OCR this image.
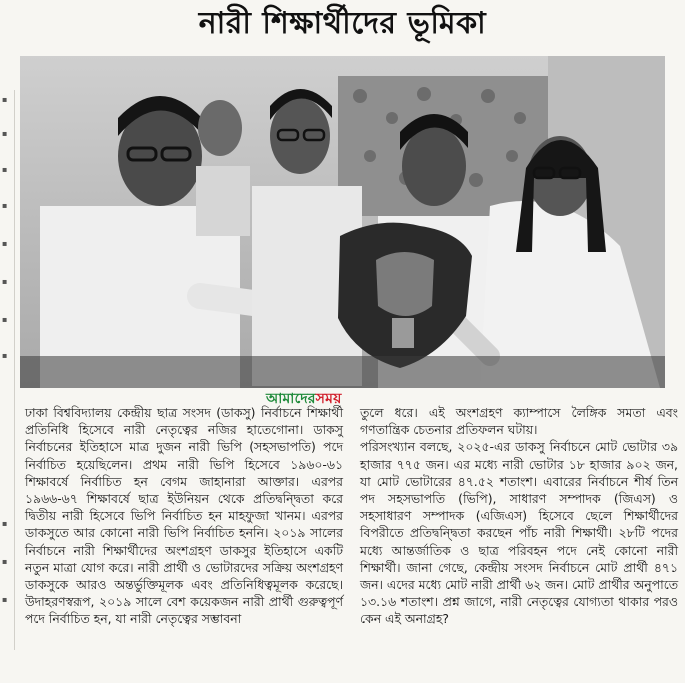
▪
▪
▪
▪
▪
▪
▪
▪
▪
▪
▪
নারী শিক্ষার্থীদের ভূমিকা
আমাদেরসময়

ঢাকা বিশ্ববিদ্যালয় কেন্দ্রীয় ছাত্র সংসদ (ডাকসু) নির্বাচনে শিক্ষার্থী প্রতিনিধি হিসেবে নারী নেতৃত্বের নজির হাতেগোনা। ডাকসু নির্বাচনের ইতিহাসে মাত্র দুজন নারী ভিপি (সহসভাপতি) পদে নির্বাচিত হয়েছিলেন। প্রথম নারী ভিপি হিসেবে ১৯৬০-৬১ শিক্ষাবর্ষে নির্বাচিত হন বেগম জাহানারা আক্তার। এরপর ১৯৬৬-৬৭ শিক্ষাবর্ষে ছাত্র ইউনিয়ন থেকে প্রতিদ্বন্দ্বিতা করে দ্বিতীয় নারী হিসেবে ভিপি নির্বাচিত হন মাহফুজা খানম। এরপর ডাকসুতে আর কোনো নারী ভিপি নির্বাচিত হননি। ২০১৯ সালের নির্বাচনে নারী শিক্ষার্থীদের অংশগ্রহণ ডাকসুর ইতিহাসে একটি নতুন মাত্রা যোগ করে। নারী প্রার্থী ও ভোটারদের সক্রিয় অংশগ্রহণ ডাকসুকে আরও অন্তর্ভুক্তিমূলক এবং প্রতিনিধিত্বমূলক করেছে। উদাহরণস্বরূপ, ২০১৯ সালে বেশ কয়েকজন নারী প্রার্থী গুরুত্বপূর্ণ পদে নির্বাচিত হন, যা নারী নেতৃত্বের সম্ভাবনা

তুলে ধরে। এই অংশগ্রহণ ক্যাম্পাসে লৈঙ্গিক সমতা এবং গণতান্ত্রিক চেতনার প্রতিফলন ঘটায়।

পরিসংখ্যান বলছে, ২০২৫-এর ডাকসু নির্বাচনে মোট ভোটার ৩৯ হাজার ৭৭৫ জন। এর মধ্যে নারী ভোটার ১৮ হাজার ৯০২ জন, যা মোট ভোটারের ৪৭.৫২ শতাংশ। এবারের নির্বাচনে শীর্ষ তিন পদ সহসভাপতি (ভিপি), সাধারণ সম্পাদক (জিএস) ও সহসাধারণ সম্পাদক (এজিএস) হিসেবে ছেলে শিক্ষার্থীদের বিপরীতে প্রতিদ্বন্দ্বিতা করছেন পাঁচ নারী শিক্ষার্থী। ২৮টি পদের মধ্যে আন্তর্জাতিক ও ছাত্র পরিবহন পদে নেই কোনো নারী শিক্ষার্থী। জানা গেছে, কেন্দ্রীয় সংসদ নির্বাচনে মোট প্রার্থী ৪৭১ জন। এদের মধ্যে মোট নারী প্রার্থী ৬২ জন। মোট প্রার্থীর অনুপাতে ১৩.১৬ শতাংশ। প্রশ্ন জাগে, নারী নেতৃত্বের যোগ্যতা থাকার পরও কেন এই অনাগ্রহ?
